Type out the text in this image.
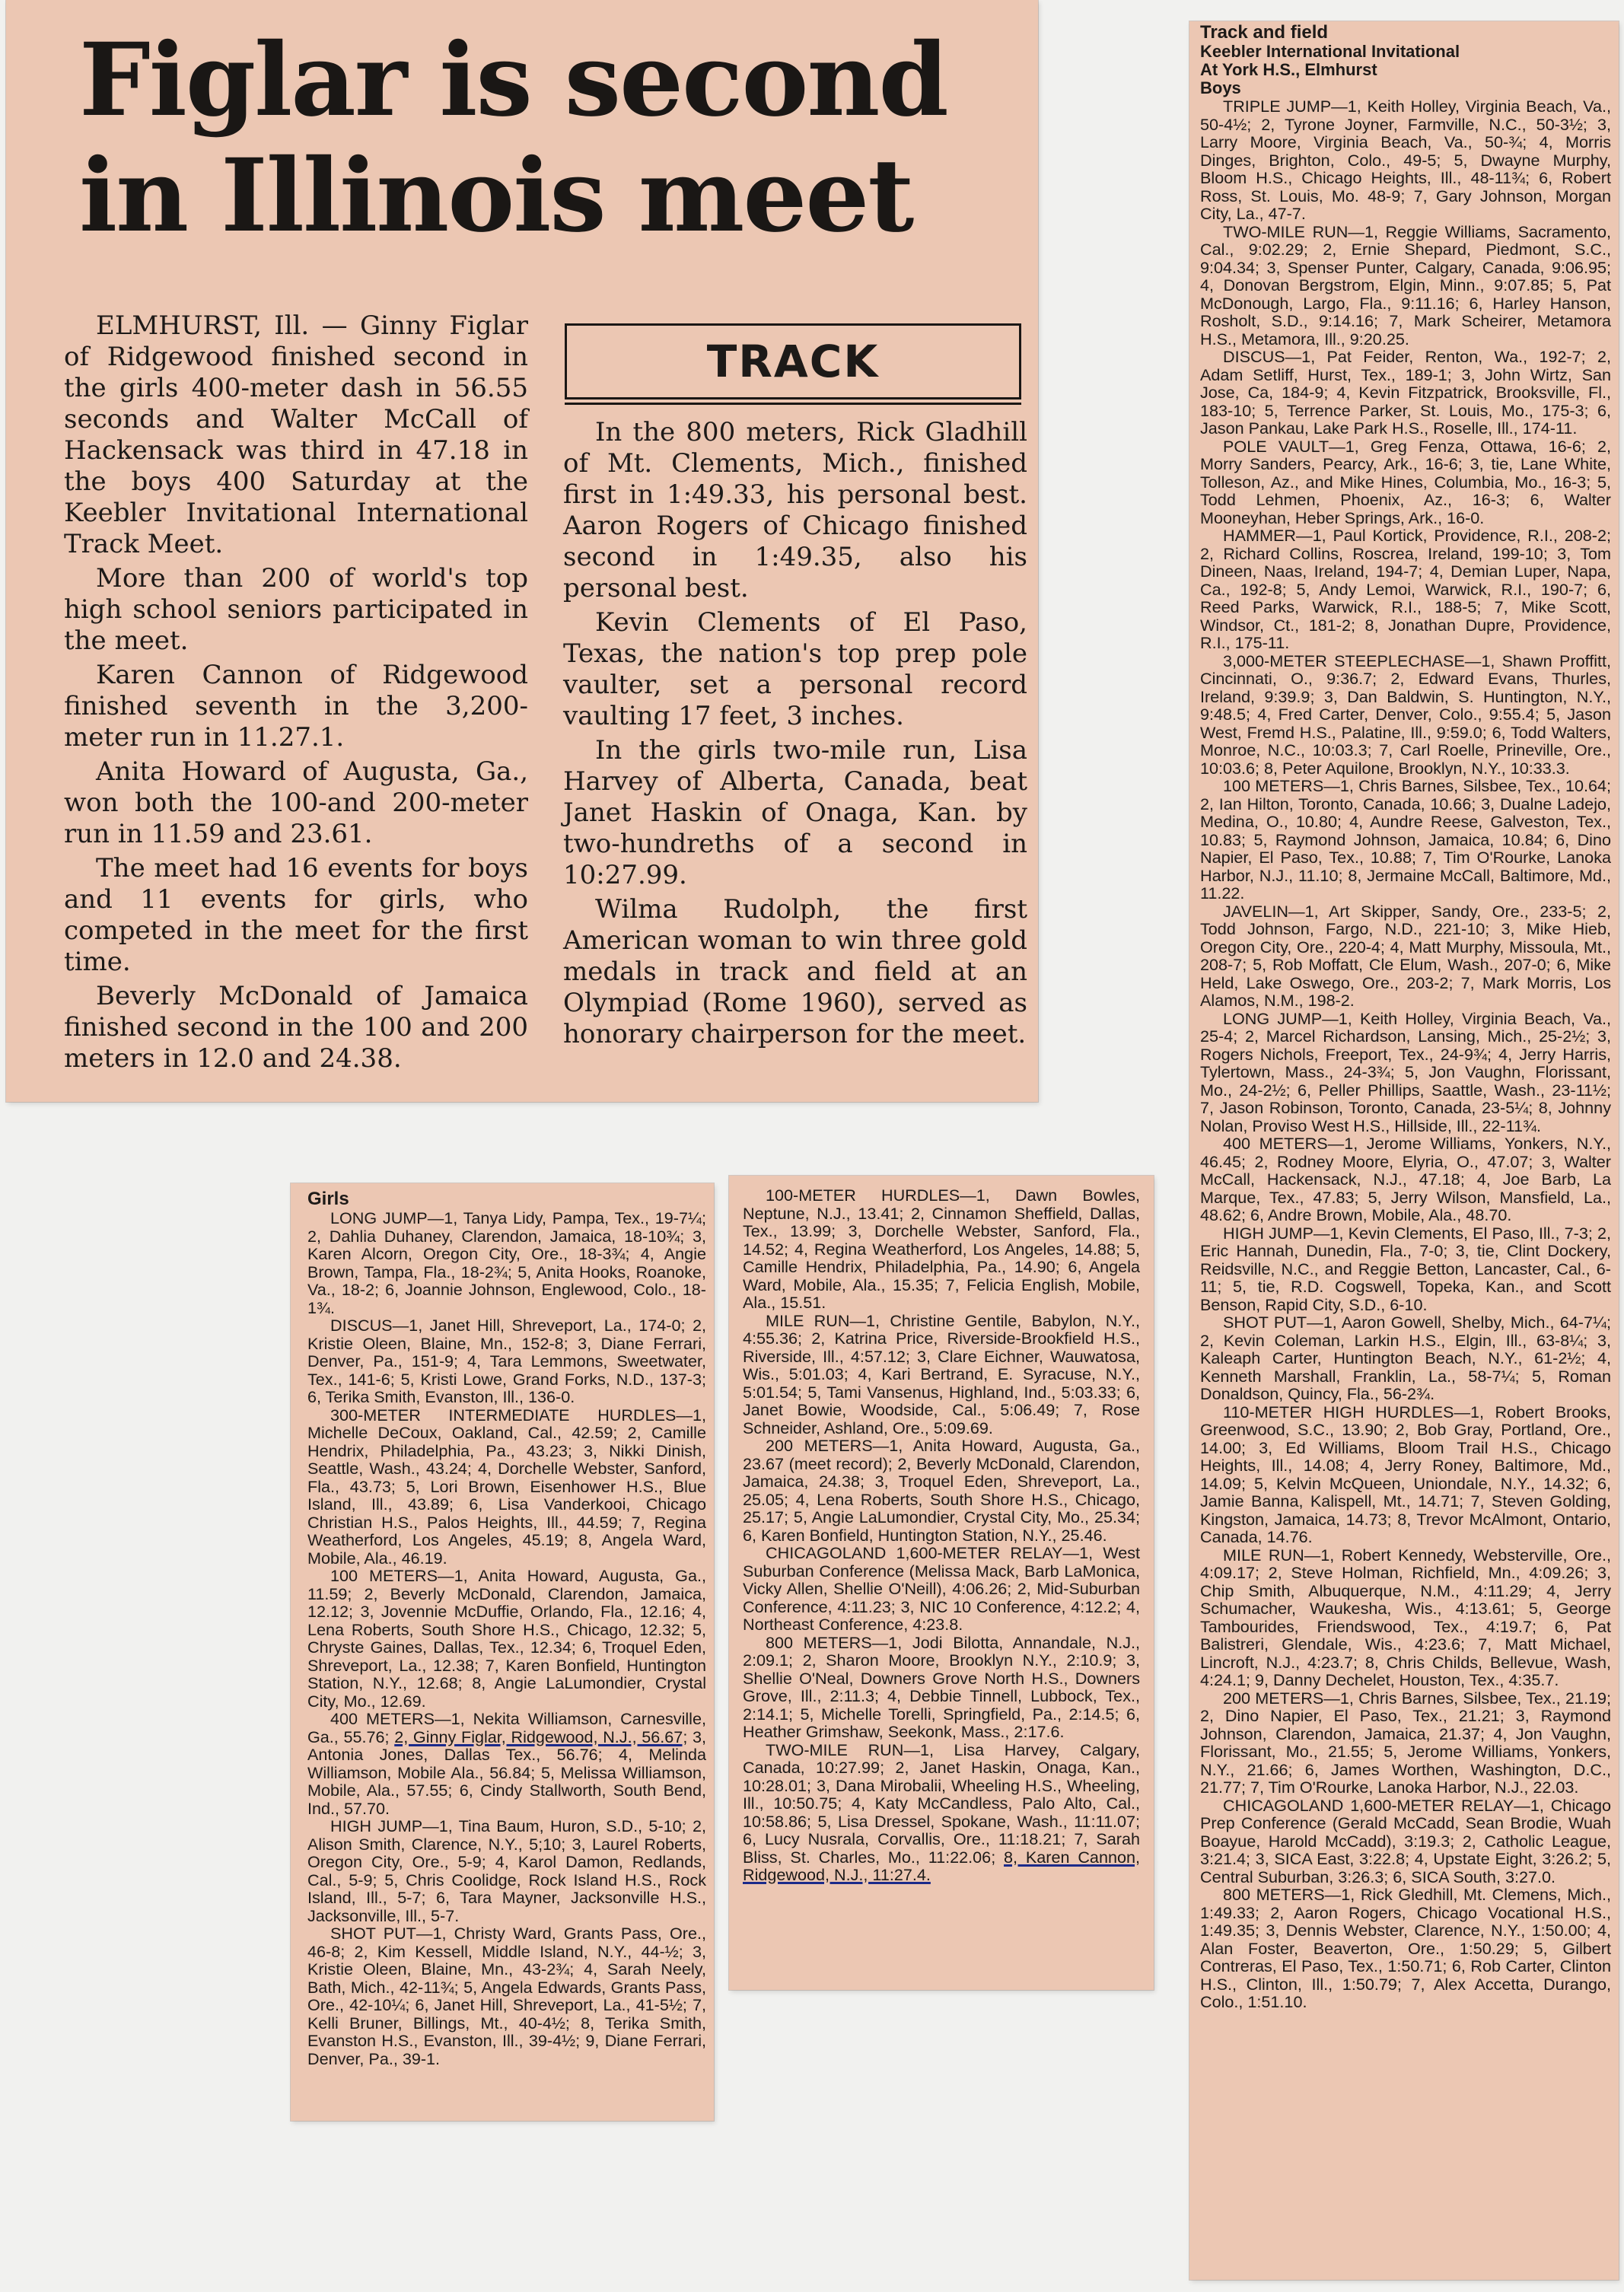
Figlar is second
in Illinois meet

ELMHURST, Ill. — Ginny Figlar of Ridgewood finished second in the girls 400-meter dash in 56.55 seconds and Walter McCall of Hackensack was third in 47.18 in the boys 400 Saturday at the Keebler Invitational International Track Meet.

More than 200 of world's top high school seniors participated in the meet.

Karen Cannon of Ridgewood finished seventh in the 3,200-meter run in 11.27.1.

Anita Howard of Augusta, Ga., won both the 100-and 200-meter run in 11.59 and 23.61.

The meet had 16 events for boys and 11 events for girls, who competed in the meet for the first time.

Beverly McDonald of Jamaica finished second in the 100 and 200 meters in 12.0 and 24.38.

TRACK

In the 800 meters, Rick Gladhill of Mt. Clements, Mich., finished first in 1:49.33, his personal best. Aaron Rogers of Chicago finished second in 1:49.35, also his personal best.

Kevin Clements of El Paso, Texas, the nation's top prep pole vaulter, set a personal record vaulting 17 feet, 3 inches.

In the girls two-mile run, Lisa Harvey of Alberta, Canada, beat Janet Haskin of Onaga, Kan. by two-hundreths of a second in 10:27.99.

Wilma Rudolph, the first American woman to win three gold medals in track and field at an Olympiad (Rome 1960), served as honorary chairperson for the meet.

Girls

LONG JUMP—1, Tanya Lidy, Pampa, Tex., 19-7¼; 2, Dahlia Duhaney, Clarendon, Jamaica, 18-10¾; 3, Karen Alcorn, Oregon City, Ore., 18-3¾; 4, Angie Brown, Tampa, Fla., 18-2¾; 5, Anita Hooks, Roanoke, Va., 18-2; 6, Joannie Johnson, Englewood, Colo., 18-1¾.

DISCUS—1, Janet Hill, Shreveport, La., 174-0; 2, Kristie Oleen, Blaine, Mn., 152-8; 3, Diane Ferrari, Denver, Pa., 151-9; 4, Tara Lemmons, Sweetwater, Tex., 141-6; 5, Kristi Lowe, Grand Forks, N.D., 137-3; 6, Terika Smith, Evanston, Ill., 136-0.

300-METER INTERMEDIATE HURDLES—1, Michelle DeCoux, Oakland, Cal., 42.59; 2, Camille Hendrix, Philadelphia, Pa., 43.23; 3, Nikki Dinish, Seattle, Wash., 43.24; 4, Dorchelle Webster, Sanford, Fla., 43.73; 5, Lori Brown, Eisenhower H.S., Blue Island, Ill., 43.89; 6, Lisa Vanderkooi, Chicago Christian H.S., Palos Heights, Ill., 44.59; 7, Regina Weatherford, Los Angeles, 45.19; 8, Angela Ward, Mobile, Ala., 46.19.

100 METERS—1, Anita Howard, Augusta, Ga., 11.59; 2, Beverly McDonald, Clarendon, Jamaica, 12.12; 3, Jovennie McDuffie, Orlando, Fla., 12.16; 4, Lena Roberts, South Shore H.S., Chicago, 12.32; 5, Chryste Gaines, Dallas, Tex., 12.34; 6, Troquel Eden, Shreveport, La., 12.38; 7, Karen Bonfield, Huntington Station, N.Y., 12.68; 8, Angie LaLumondier, Crystal City, Mo., 12.69.

400 METERS—1, Nekita Williamson, Carnesville, Ga., 55.76; 2, Ginny Figlar, Ridgewood, N.J., 56.67; 3, Antonia Jones, Dallas Tex., 56.76; 4, Melinda Williamson, Mobile Ala., 56.84; 5, Melissa Williamson, Mobile, Ala., 57.55; 6, Cindy Stallworth, South Bend, Ind., 57.70.

HIGH JUMP—1, Tina Baum, Huron, S.D., 5-10; 2, Alison Smith, Clarence, N.Y., 5;10; 3, Laurel Roberts, Oregon City, Ore., 5-9; 4, Karol Damon, Redlands, Cal., 5-9; 5, Chris Coolidge, Rock Island H.S., Rock Island, Ill., 5-7; 6, Tara Mayner, Jacksonville H.S., Jacksonville, Ill., 5-7.

SHOT PUT—1, Christy Ward, Grants Pass, Ore., 46-8; 2, Kim Kessell, Middle Island, N.Y., 44-½; 3, Kristie Oleen, Blaine, Mn., 43-2¾; 4, Sarah Neely, Bath, Mich., 42-11¾; 5, Angela Edwards, Grants Pass, Ore., 42-10¼; 6, Janet Hill, Shreveport, La., 41-5½; 7, Kelli Bruner, Billings, Mt., 40-4½; 8, Terika Smith, Evanston H.S., Evanston, Ill., 39-4½; 9, Diane Ferrari, Denver, Pa., 39-1.

100-METER HURDLES—1, Dawn Bowles, Neptune, N.J., 13.41; 2, Cinnamon Sheffield, Dallas, Tex., 13.99; 3, Dorchelle Webster, Sanford, Fla., 14.52; 4, Regina Weatherford, Los Angeles, 14.88; 5, Camille Hendrix, Philadelphia, Pa., 14.90; 6, Angela Ward, Mobile, Ala., 15.35; 7, Felicia English, Mobile, Ala., 15.51.

MILE RUN—1, Christine Gentile, Babylon, N.Y., 4:55.36; 2, Katrina Price, Riverside-Brookfield H.S., Riverside, Ill., 4:57.12; 3, Clare Eichner, Wauwatosa, Wis., 5:01.03; 4, Kari Bertrand, E. Syracuse, N.Y., 5:01.54; 5, Tami Vansenus, Highland, Ind., 5:03.33; 6, Janet Bowie, Woodside, Cal., 5:06.49; 7, Rose Schneider, Ashland, Ore., 5:09.69.

200 METERS—1, Anita Howard, Augusta, Ga., 23.67 (meet record); 2, Beverly McDonald, Clarendon, Jamaica, 24.38; 3, Troquel Eden, Shreveport, La., 25.05; 4, Lena Roberts, South Shore H.S., Chicago, 25.17; 5, Angie LaLumondier, Crystal City, Mo., 25.34; 6, Karen Bonfield, Huntington Station, N.Y., 25.46.

CHICAGOLAND 1,600-METER RELAY—1, West Suburban Conference (Melissa Mack, Barb LaMonica, Vicky Allen, Shellie O'Neill), 4:06.26; 2, Mid-Suburban Conference, 4:11.23; 3, NIC 10 Conference, 4:12.2; 4, Northeast Conference, 4:23.8.

800 METERS—1, Jodi Bilotta, Annandale, N.J., 2:09.1; 2, Sharon Moore, Brooklyn N.Y., 2:10.9; 3, Shellie O'Neal, Downers Grove North H.S., Downers Grove, Ill., 2:11.3; 4, Debbie Tinnell, Lubbock, Tex., 2:14.1; 5, Michelle Torelli, Springfield, Pa., 2:14.5; 6, Heather Grimshaw, Seekonk, Mass., 2:17.6.

TWO-MILE RUN—1, Lisa Harvey, Calgary, Canada, 10:27.99; 2, Janet Haskin, Onaga, Kan., 10:28.01; 3, Dana Mirobalii, Wheeling H.S., Wheeling, Ill., 10:50.75; 4, Katy McCandless, Palo Alto, Cal., 10:58.86; 5, Lisa Dressel, Spokane, Wash., 11:11.07; 6, Lucy Nusrala, Corvallis, Ore., 11:18.21; 7, Sarah Bliss, St. Charles, Mo., 11:22.06; 8, Karen Cannon, Ridgewood, N.J., 11:27.4.

Track and field
Keebler International Invitational
At York H.S., Elmhurst
Boys

TRIPLE JUMP—1, Keith Holley, Virginia Beach, Va., 50-4½; 2, Tyrone Joyner, Farmville, N.C., 50-3½; 3, Larry Moore, Virginia Beach, Va., 50-¾; 4, Morris Dinges, Brighton, Colo., 49-5; 5, Dwayne Murphy, Bloom H.S., Chicago Heights, Ill., 48-11¾; 6, Robert Ross, St. Louis, Mo. 48-9; 7, Gary Johnson, Morgan City, La., 47-7.

TWO-MILE RUN—1, Reggie Williams, Sacramento, Cal., 9:02.29; 2, Ernie Shepard, Piedmont, S.C., 9:04.34; 3, Spenser Punter, Calgary, Canada, 9:06.95; 4, Donovan Bergstrom, Elgin, Minn., 9:07.85; 5, Pat McDonough, Largo, Fla., 9:11.16; 6, Harley Hanson, Rosholt, S.D., 9:14.16; 7, Mark Scheirer, Metamora H.S., Metamora, Ill., 9:20.25.

DISCUS—1, Pat Feider, Renton, Wa., 192-7; 2, Adam Setliff, Hurst, Tex., 189-1; 3, John Wirtz, San Jose, Ca, 184-9; 4, Kevin Fitzpatrick, Brooksville, Fl., 183-10; 5, Terrence Parker, St. Louis, Mo., 175-3; 6, Jason Pankau, Lake Park H.S., Roselle, Ill., 174-11.

POLE VAULT—1, Greg Fenza, Ottawa, 16-6; 2, Morry Sanders, Pearcy, Ark., 16-6; 3, tie, Lane White, Tolleson, Az., and Mike Hines, Columbia, Mo., 16-3; 5, Todd Lehmen, Phoenix, Az., 16-3; 6, Walter Mooneyhan, Heber Springs, Ark., 16-0.

HAMMER—1, Paul Kortick, Providence, R.I., 208-2; 2, Richard Collins, Roscrea, Ireland, 199-10; 3, Tom Dineen, Naas, Ireland, 194-7; 4, Demian Luper, Napa, Ca., 192-8; 5, Andy Lemoi, Warwick, R.I., 190-7; 6, Reed Parks, Warwick, R.I., 188-5; 7, Mike Scott, Windsor, Ct., 181-2; 8, Jonathan Dupre, Providence, R.I., 175-11.

3,000-METER STEEPLECHASE—1, Shawn Proffitt, Cincinnati, O., 9:36.7; 2, Edward Evans, Thurles, Ireland, 9:39.9; 3, Dan Baldwin, S. Huntington, N.Y., 9:48.5; 4, Fred Carter, Denver, Colo., 9:55.4; 5, Jason West, Fremd H.S., Palatine, Ill., 9:59.0; 6, Todd Walters, Monroe, N.C., 10:03.3; 7, Carl Roelle, Prineville, Ore., 10:03.6; 8, Peter Aquilone, Brooklyn, N.Y., 10:33.3.

100 METERS—1, Chris Barnes, Silsbee, Tex., 10.64; 2, Ian Hilton, Toronto, Canada, 10.66; 3, Dualne Ladejo, Medina, O., 10.80; 4, Aundre Reese, Galveston, Tex., 10.83; 5, Raymond Johnson, Jamaica, 10.84; 6, Dino Napier, El Paso, Tex., 10.88; 7, Tim O'Rourke, Lanoka Harbor, N.J., 11.10; 8, Jermaine McCall, Baltimore, Md., 11.22.

JAVELIN—1, Art Skipper, Sandy, Ore., 233-5; 2, Todd Johnson, Fargo, N.D., 221-10; 3, Mike Hieb, Oregon City, Ore., 220-4; 4, Matt Murphy, Missoula, Mt., 208-7; 5, Rob Moffatt, Cle Elum, Wash., 207-0; 6, Mike Held, Lake Oswego, Ore., 203-2; 7, Mark Morris, Los Alamos, N.M., 198-2.

LONG JUMP—1, Keith Holley, Virginia Beach, Va., 25-4; 2, Marcel Richardson, Lansing, Mich., 25-2½; 3, Rogers Nichols, Freeport, Tex., 24-9¾; 4, Jerry Harris, Tylertown, Mass., 24-3¾; 5, Jon Vaughn, Florissant, Mo., 24-2½; 6, Peller Phillips, Saattle, Wash., 23-11½; 7, Jason Robinson, Toronto, Canada, 23-5¼; 8, Johnny Nolan, Proviso West H.S., Hillside, Ill., 22-11¾.

400 METERS—1, Jerome Williams, Yonkers, N.Y., 46.45; 2, Rodney Moore, Elyria, O., 47.07; 3, Walter McCall, Hackensack, N.J., 47.18; 4, Joe Barb, La Marque, Tex., 47.83; 5, Jerry Wilson, Mansfield, La., 48.62; 6, Andre Brown, Mobile, Ala., 48.70.

HIGH JUMP—1, Kevin Clements, El Paso, Ill., 7-3; 2, Eric Hannah, Dunedin, Fla., 7-0; 3, tie, Clint Dockery, Reidsville, N.C., and Reggie Betton, Lancaster, Cal., 6-11; 5, tie, R.D. Cogswell, Topeka, Kan., and Scott Benson, Rapid City, S.D., 6-10.

SHOT PUT—1, Aaron Gowell, Shelby, Mich., 64-7¼; 2, Kevin Coleman, Larkin H.S., Elgin, Ill., 63-8¼; 3, Kaleaph Carter, Huntington Beach, N.Y., 61-2½; 4, Kenneth Marshall, Franklin, La., 58-7¼; 5, Roman Donaldson, Quincy, Fla., 56-2¾.

110-METER HIGH HURDLES—1, Robert Brooks, Greenwood, S.C., 13.90; 2, Bob Gray, Portland, Ore., 14.00; 3, Ed Williams, Bloom Trail H.S., Chicago Heights, Ill., 14.08; 4, Jerry Roney, Baltimore, Md., 14.09; 5, Kelvin McQueen, Uniondale, N.Y., 14.32; 6, Jamie Banna, Kalispell, Mt., 14.71; 7, Steven Golding, Kingston, Jamaica, 14.73; 8, Trevor McAlmont, Ontario, Canada, 14.76.

MILE RUN—1, Robert Kennedy, Websterville, Ore., 4:09.17; 2, Steve Holman, Richfield, Mn., 4:09.26; 3, Chip Smith, Albuquerque, N.M., 4:11.29; 4, Jerry Schumacher, Waukesha, Wis., 4:13.61; 5, George Tambourides, Friendswood, Tex., 4:19.7; 6, Pat Balistreri, Glendale, Wis., 4:23.6; 7, Matt Michael, Lincroft, N.J., 4:23.7; 8, Chris Childs, Bellevue, Wash, 4:24.1; 9, Danny Dechelet, Houston, Tex., 4:35.7.

200 METERS—1, Chris Barnes, Silsbee, Tex., 21.19; 2, Dino Napier, El Paso, Tex., 21.21; 3, Raymond Johnson, Clarendon, Jamaica, 21.37; 4, Jon Vaughn, Florissant, Mo., 21.55; 5, Jerome Williams, Yonkers, N.Y., 21.66; 6, James Worthen, Washington, D.C., 21.77; 7, Tim O'Rourke, Lanoka Harbor, N.J., 22.03.

CHICAGOLAND 1,600-METER RELAY—1, Chicago Prep Conference (Gerald McCadd, Sean Brodie, Wuah Boayue, Harold McCadd), 3:19.3; 2, Catholic League, 3:21.4; 3, SICA East, 3:22.8; 4, Upstate Eight, 3:26.2; 5, Central Suburban, 3:26.3; 6, SICA South, 3:27.0.

800 METERS—1, Rick Gledhill, Mt. Clemens, Mich., 1:49.33; 2, Aaron Rogers, Chicago Vocational H.S., 1:49.35; 3, Dennis Webster, Clarence, N.Y., 1:50.00; 4, Alan Foster, Beaverton, Ore., 1:50.29; 5, Gilbert Contreras, El Paso, Tex., 1:50.71; 6, Rob Carter, Clinton H.S., Clinton, Ill., 1:50.79; 7, Alex Accetta, Durango, Colo., 1:51.10.
